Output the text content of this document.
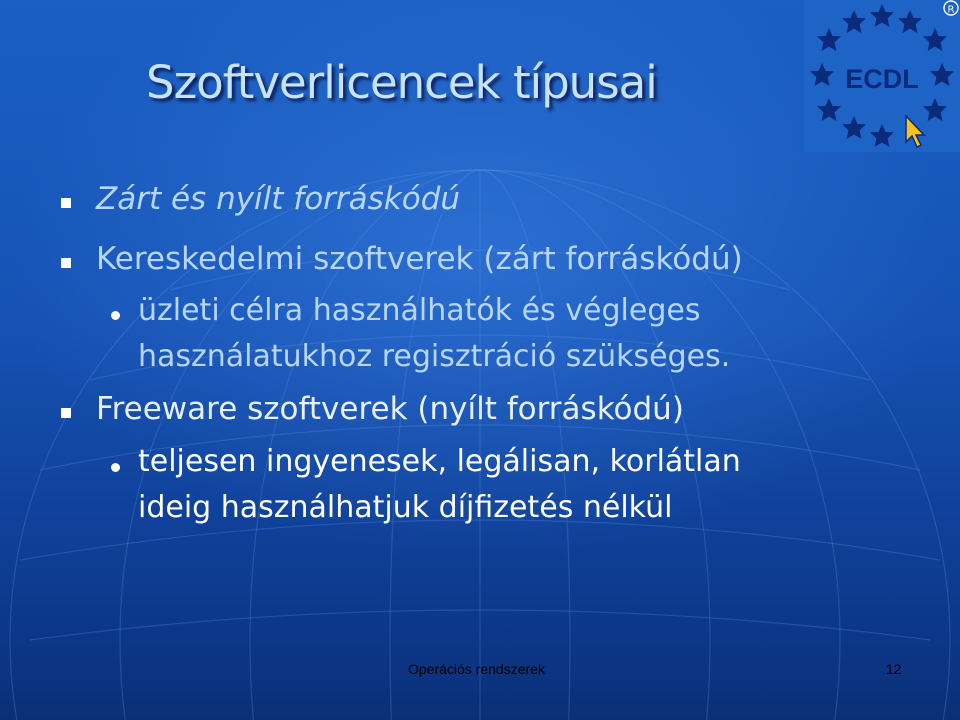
Szoftverlicencek típusai	ECDL
R
Zárt és nyílt forráskódú
Kereskedelmi szoftverek (zárt forráskódú)
üzleti célra használhatók és végleges
használatukhoz regisztráció szükséges.
Freeware szoftverek (nyílt forráskódú)
teljesen ingyenesek, legálisan, korlátlan
ideig használhatjuk díjfizetés nélkül
Operációs rendszerek	12
